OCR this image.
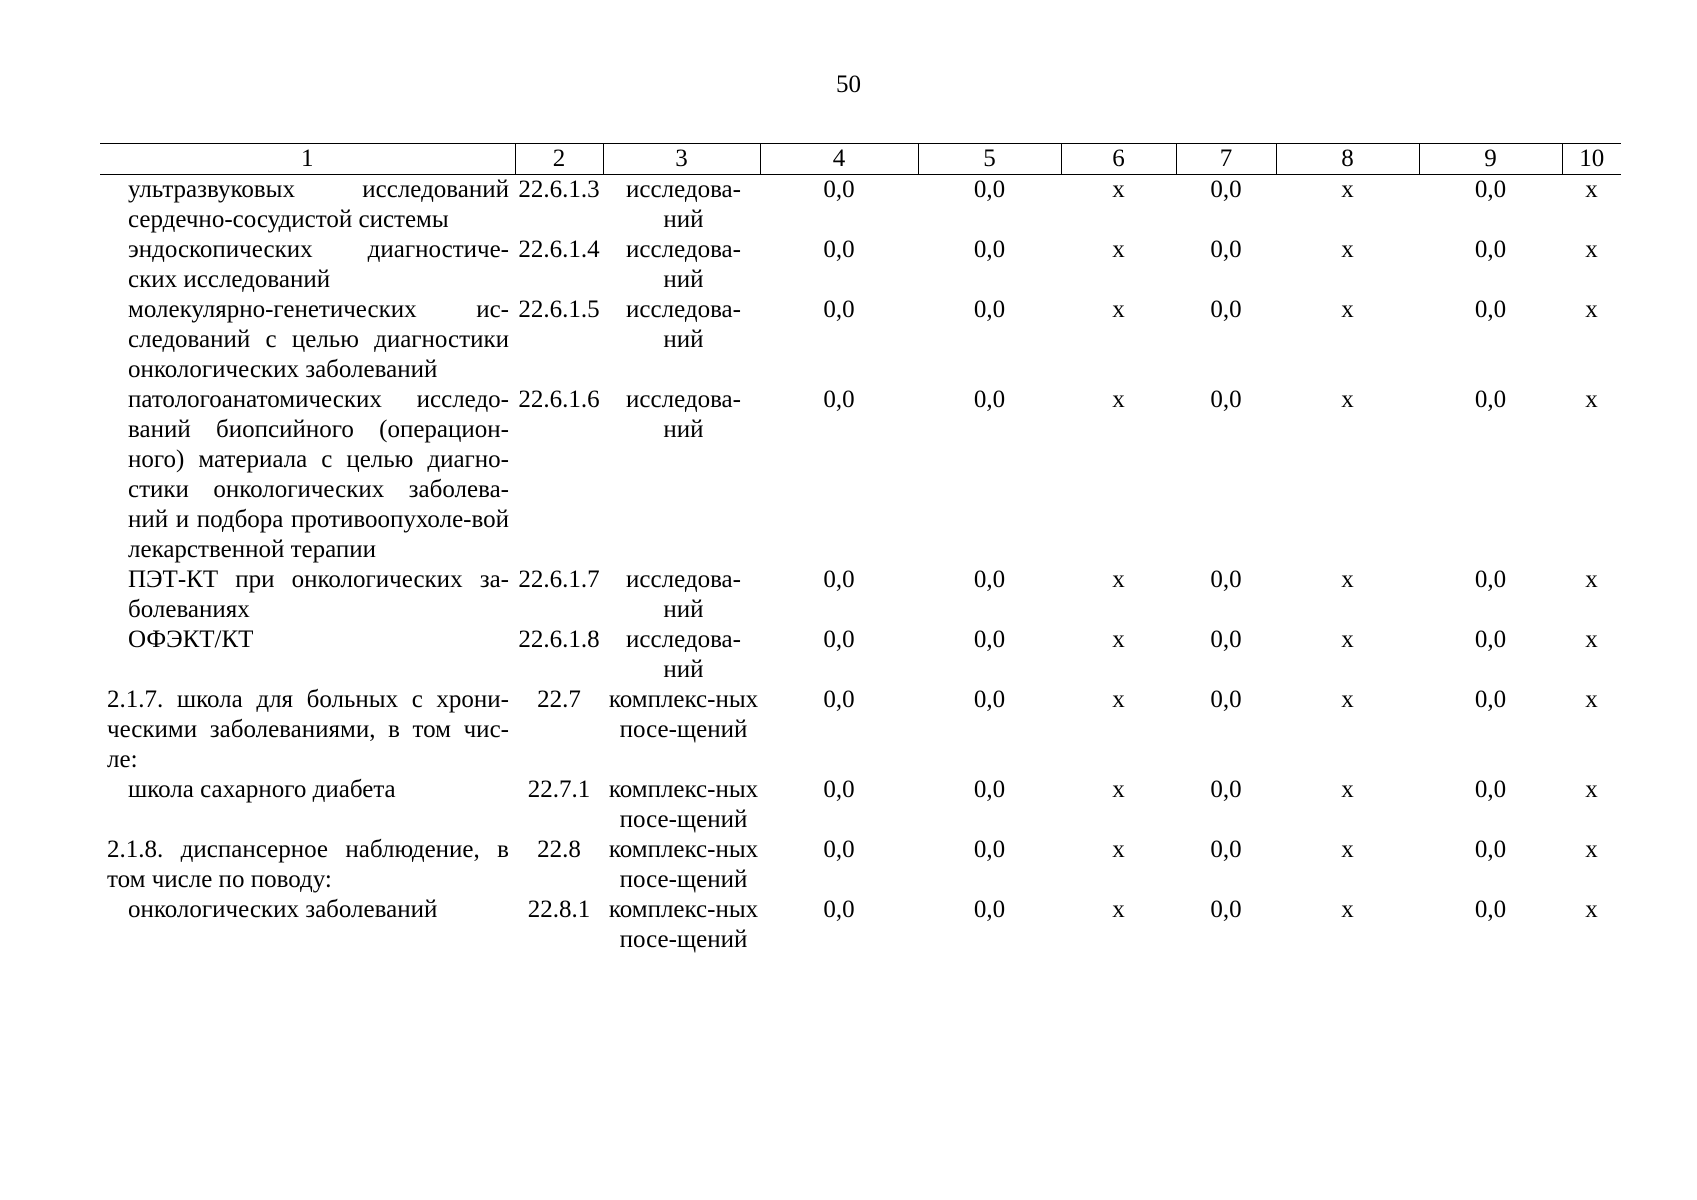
50
1	2	3	4	5	6	7	8	9	10
ультразвуковых исследований сердечно-сосудистой системы	22.6.1.3	исследова-ний	0,0	0,0	х	0,0	х	0,0	х
эндоскопических диагностиче-ских исследований	22.6.1.4	исследова-ний	0,0	0,0	х	0,0	х	0,0	х
молекулярно-генетических ис-следований с целью диагностики онкологических заболеваний	22.6.1.5	исследова-ний	0,0	0,0	х	0,0	х	0,0	х
патологоанатомических исследо-ваний биопсийного (операцион-ного) материала с целью диагно-стики онкологических заболева-ний и подбора противоопухоле-вой лекарственной терапии	22.6.1.6	исследова-ний	0,0	0,0	х	0,0	х	0,0	х
ПЭТ-КТ при онкологических за-болеваниях	22.6.1.7	исследова-ний	0,0	0,0	х	0,0	х	0,0	х
ОФЭКТ/КТ	22.6.1.8	исследова-ний	0,0	0,0	х	0,0	х	0,0	х
2.1.7. школа для больных с хрони-ческими заболеваниями, в том чис-ле:	22.7	комплекс-ных посе-щений	0,0	0,0	х	0,0	х	0,0	х
школа сахарного диабета	22.7.1	комплекс-ных посе-щений	0,0	0,0	х	0,0	х	0,0	х
2.1.8. диспансерное наблюдение, в том числе по поводу:	22.8	комплекс-ных посе-щений	0,0	0,0	х	0,0	х	0,0	х
онкологических заболеваний	22.8.1	комплекс-ных посе-щений	0,0	0,0	х	0,0	х	0,0	х
